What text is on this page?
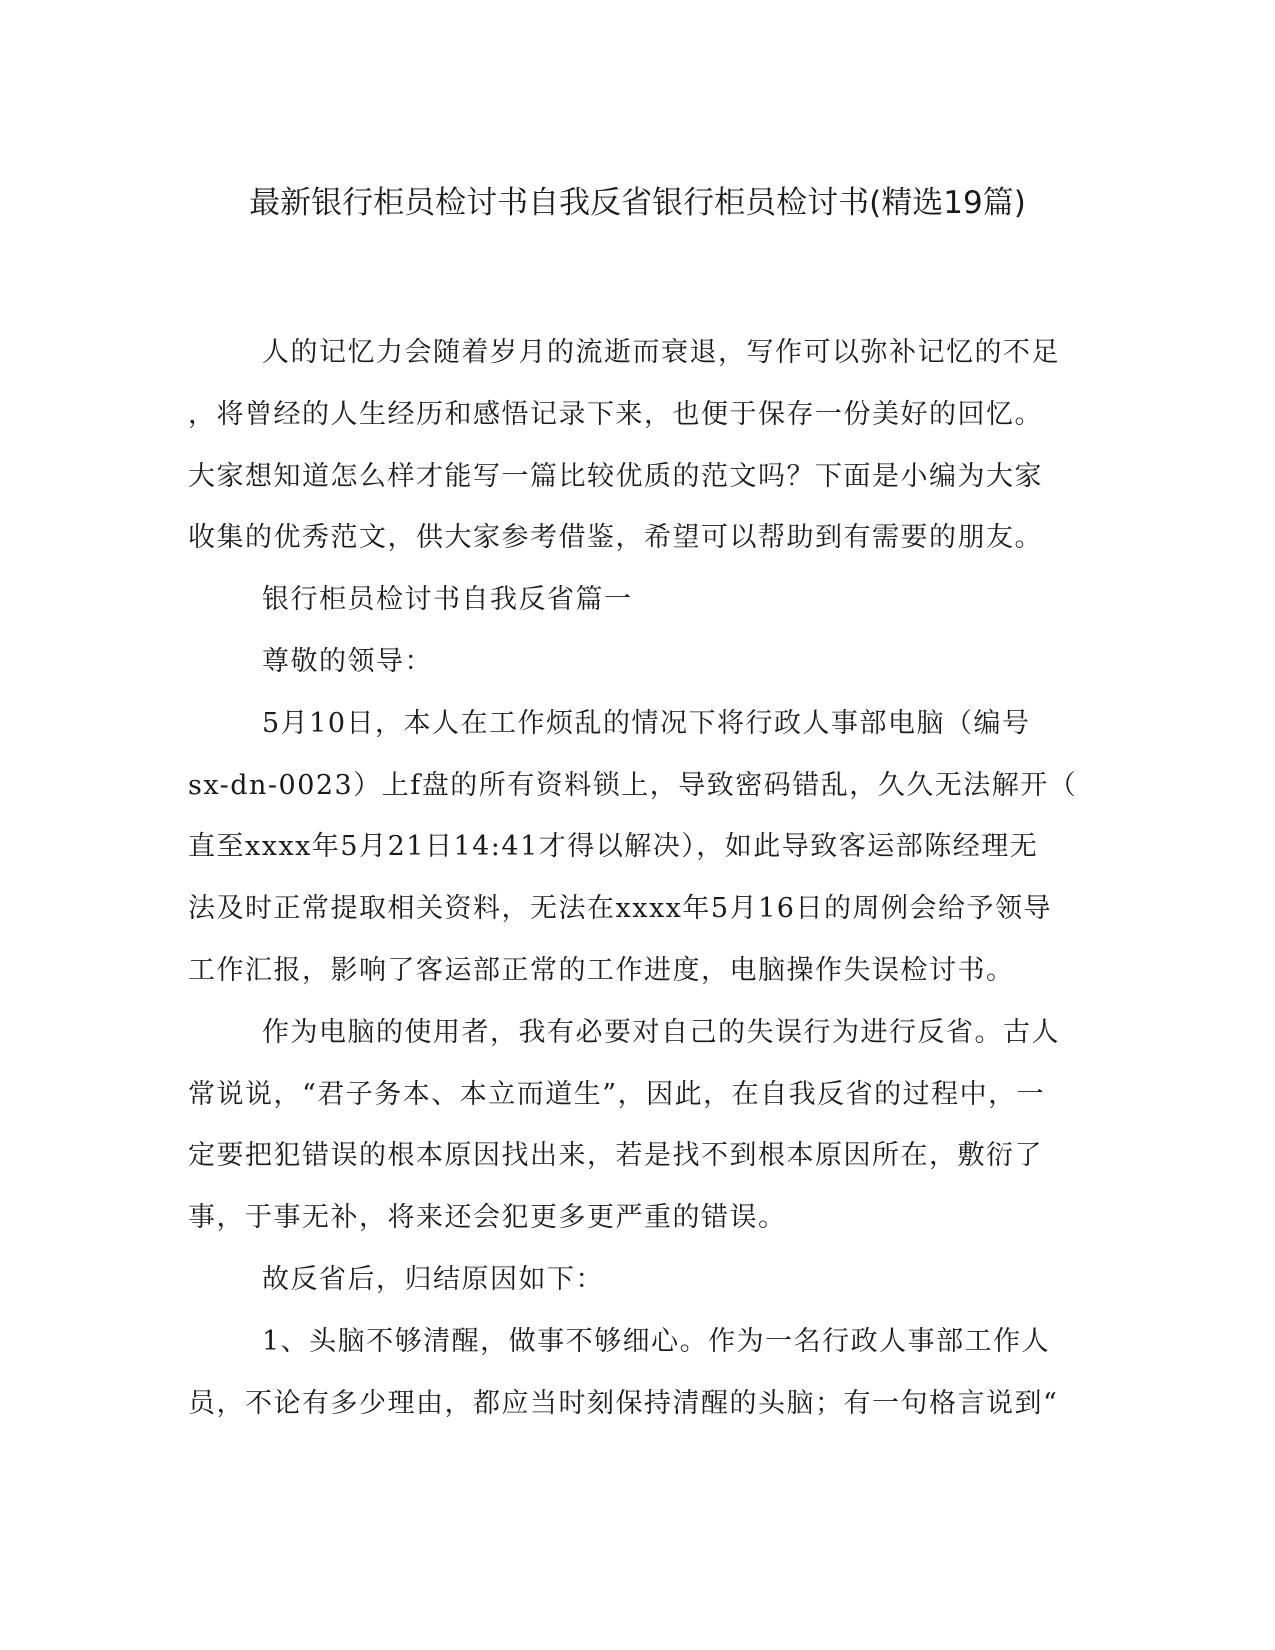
最新银行柜员检讨书自我反省银行柜员检讨书(精选19篇)
人的记忆力会随着岁月的流逝而衰退，写作可以弥补记忆的不足
，将曾经的人生经历和感悟记录下来，也便于保存一份美好的回忆。
大家想知道怎么样才能写一篇比较优质的范文吗？下面是小编为大家
收集的优秀范文，供大家参考借鉴，希望可以帮助到有需要的朋友。
银行柜员检讨书自我反省篇一
尊敬的领导：
5月10日，本人在工作烦乱的情况下将行政人事部电脑（编号
sx-dn-0023）上f盘的所有资料锁上，导致密码错乱，久久无法解开（
直至xxxx年5月21日14:41才得以解决），如此导致客运部陈经理无
法及时正常提取相关资料，无法在xxxx年5月16日的周例会给予领导
工作汇报，影响了客运部正常的工作进度，电脑操作失误检讨书。
作为电脑的使用者，我有必要对自己的失误行为进行反省。古人
常说说，“君子务本、本立而道生”，因此，在自我反省的过程中，一
定要把犯错误的根本原因找出来，若是找不到根本原因所在，敷衍了
事，于事无补，将来还会犯更多更严重的错误。
故反省后，归结原因如下：
1、头脑不够清醒，做事不够细心。作为一名行政人事部工作人
员，不论有多少理由，都应当时刻保持清醒的头脑；有一句格言说到“
